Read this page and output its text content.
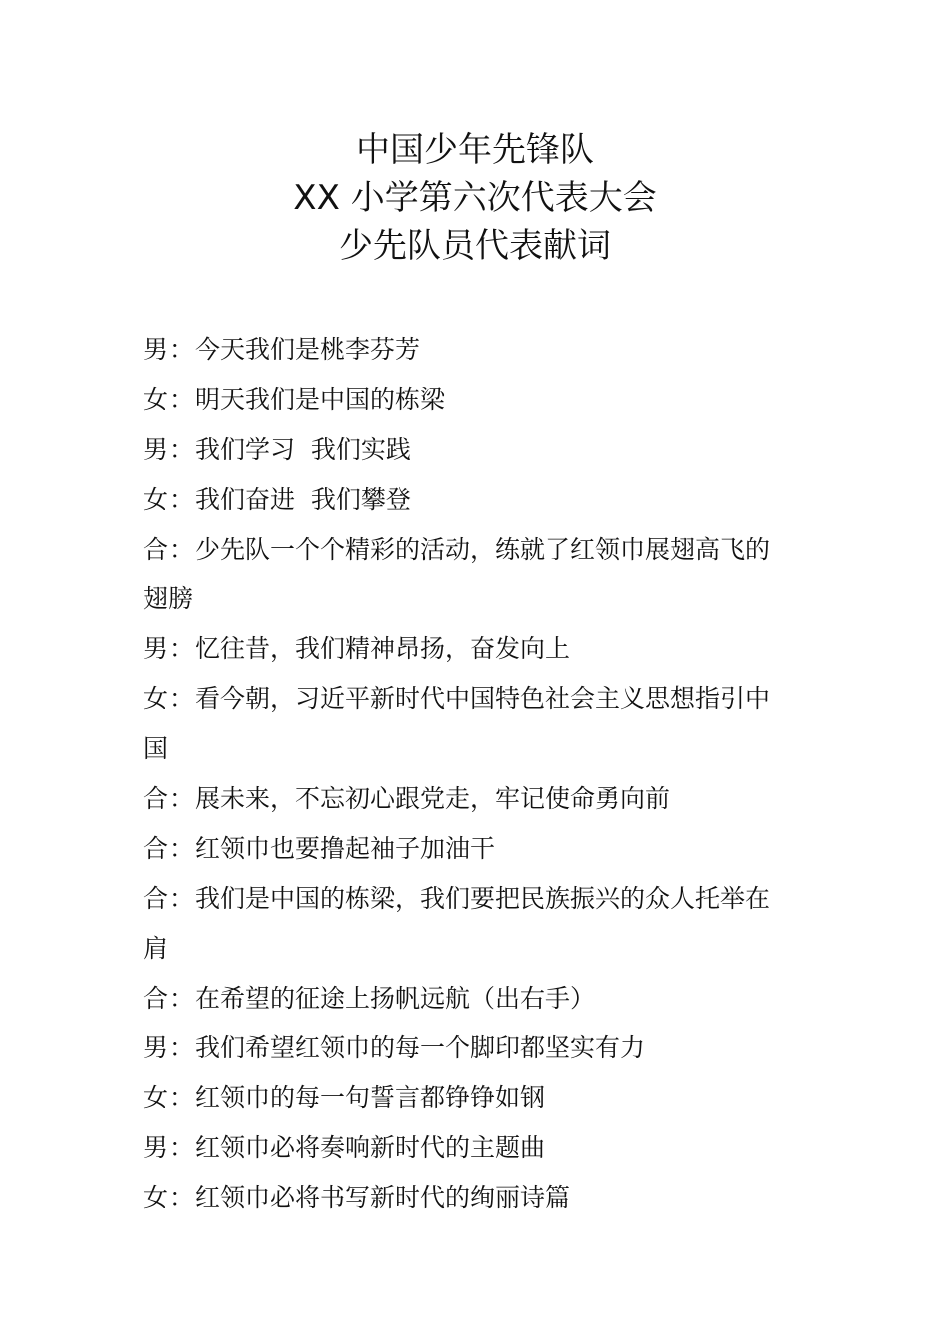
中国少年先锋队
XX 小学第六次代表大会
少先队员代表献词
男：今天我们是桃李芬芳
女：明天我们是中国的栋梁
男：我们学习  我们实践
女：我们奋进  我们攀登
合：少先队一个个精彩的活动，练就了红领巾展翅高飞的
翅膀
男：忆往昔，我们精神昂扬，奋发向上
女：看今朝，习近平新时代中国特色社会主义思想指引中
国
合：展未来，不忘初心跟党走，牢记使命勇向前
合：红领巾也要撸起袖子加油干
合：我们是中国的栋梁，我们要把民族振兴的众人托举在
肩
合：在希望的征途上扬帆远航（出右手）
男：我们希望红领巾的每一个脚印都坚实有力
女：红领巾的每一句誓言都铮铮如钢
男：红领巾必将奏响新时代的主题曲
女：红领巾必将书写新时代的绚丽诗篇
